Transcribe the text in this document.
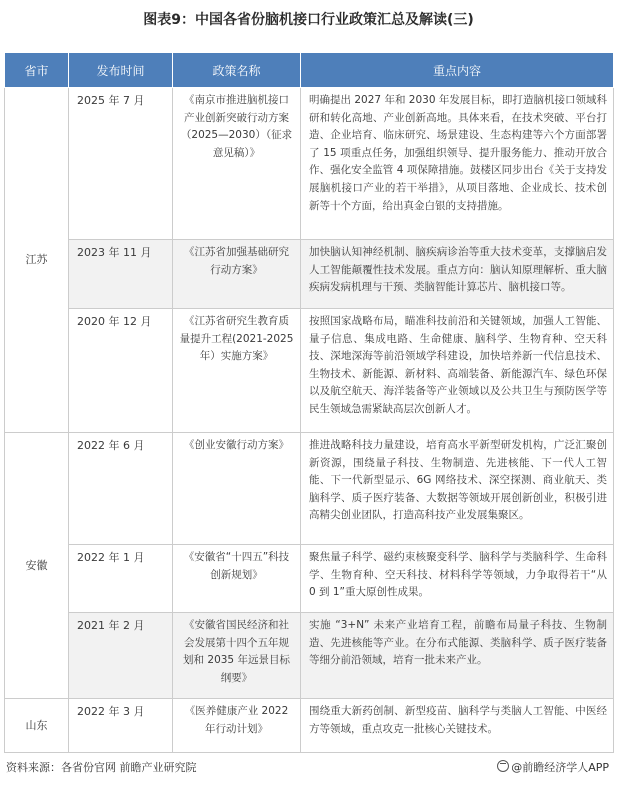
图表9：中国各省份脑机接口行业政策汇总及解读(三)
省市	发布时间	政策名称	重点内容
江苏	2025 年 7 月	《南京市推进脑机接口产业创新突破行动方案（2025—2030）（征求意见稿）》	明确提出 2027 年和 2030 年发展目标，即打造脑机接口领域科研和转化高地、产业创新高地。具体来看，在技术突破、平台打造、企业培育、临床研究、场景建设、生态构建等六个方面部署了 15 项重点任务，加强组织领导、提升服务能力、推动开放合作、强化安全监管 4 项保障措施。鼓楼区同步出台《关于支持发展脑机接口产业的若干举措》，从项目落地、企业成长、技术创新等十个方面，给出真金白银的支持措施。
	2023 年 11 月	《江苏省加强基础研究行动方案》	加快脑认知神经机制、脑疾病诊治等重大技术变革，支撑脑启发人工智能颠覆性技术发展。重点方向：脑认知原理解析、重大脑疾病发病机理与干预、类脑智能计算芯片、脑机接口等。
	2020 年 12 月	《江苏省研究生教育质量提升工程(2021-2025 年）实施方案》	按照国家战略布局，瞄准科技前沿和关键领域，加强人工智能、量子信息、集成电路、生命健康、脑科学、生物育种、空天科技、深地深海等前沿领域学科建设，加快培养新一代信息技术、生物技术、新能源、新材料、高端装备、新能源汽车、绿色环保以及航空航天、海洋装备等产业领域以及公共卫生与预防医学等民生领域急需紧缺高层次创新人才。
安徽	2022 年 6 月	《创业安徽行动方案》	推进战略科技力量建设，培育高水平新型研发机构，广泛汇聚创新资源，围绕量子科技、生物制造、先进核能、下一代人工智能、下一代新型显示、6G 网络技术、深空探测、商业航天、类脑科学、质子医疗装备、大数据等领域开展创新创业，积极引进高精尖创业团队，打造高科技产业发展集聚区。
	2022 年 1 月	《安徽省“十四五”科技创新规划》	聚焦量子科学、磁约束核聚变科学、脑科学与类脑科学、生命科学、生物育种、空天科技、材料科学等领域，力争取得若干“从 0 到 1”重大原创性成果。
	2021 年 2 月	《安徽省国民经济和社会发展第十四个五年规划和 2035 年远景目标纲要》	实施 “3+N” 未来产业培育工程，前瞻布局量子科技、生物制造、先进核能等产业。在分布式能源、类脑科学、质子医疗装备等细分前沿领域，培育一批未来产业。
山东	2022 年 3 月	《医养健康产业 2022 年行动计划》	围绕重大新药创制、新型疫苗、脑科学与类脑人工智能、中医经方等领域，重点攻克一批核心关键技术。
资料来源：各省份官网 前瞻产业研究院	@前瞻经济学人APP
